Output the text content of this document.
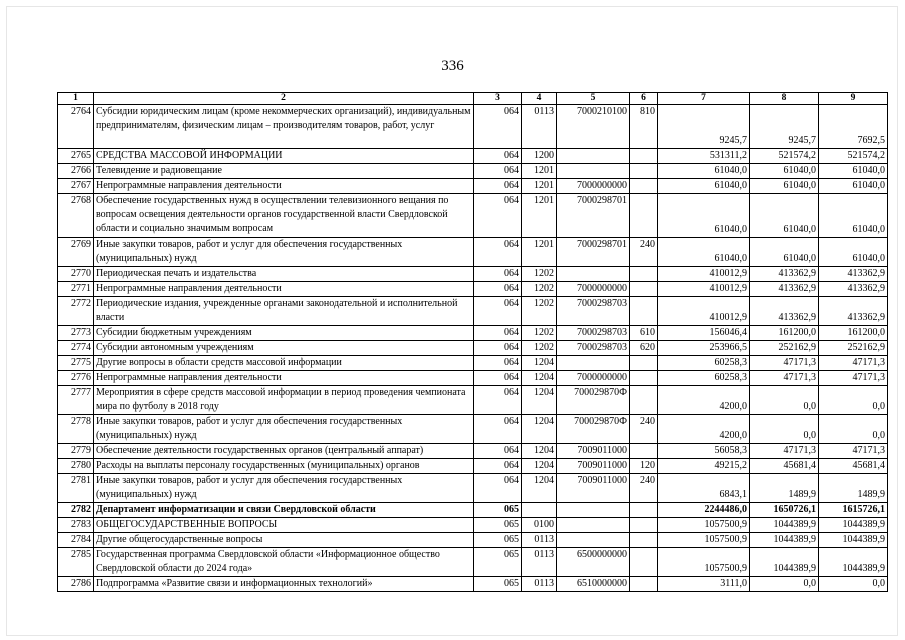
336
1	2	3	4	5	6	7	8	9
2764	Субсидии юридическим лицам (кроме некоммерческих организаций), индивидуальным предпринимателям, физическим лицам – производителям товаров, работ, услуг	064	0113	7000210100	810	9245,7	9245,7	7692,5
2765	СРЕДСТВА МАССОВОЙ ИНФОРМАЦИИ	064	1200			531311,2	521574,2	521574,2
2766	Телевидение и радиовещание	064	1201			61040,0	61040,0	61040,0
2767	Непрограммные направления деятельности	064	1201	7000000000		61040,0	61040,0	61040,0
2768	Обеспечение государственных нужд в осуществлении телевизионного вещания по вопросам освещения деятельности органов государственной власти Свердловской области и социально значимым вопросам	064	1201	7000298701		61040,0	61040,0	61040,0
2769	Иные закупки товаров, работ и услуг для обеспечения государственных (муниципальных) нужд	064	1201	7000298701	240	61040,0	61040,0	61040,0
2770	Периодическая печать и издательства	064	1202			410012,9	413362,9	413362,9
2771	Непрограммные направления деятельности	064	1202	7000000000		410012,9	413362,9	413362,9
2772	Периодические издания, учрежденные органами законодательной и исполнительной власти	064	1202	7000298703		410012,9	413362,9	413362,9
2773	Субсидии бюджетным учреждениям	064	1202	7000298703	610	156046,4	161200,0	161200,0
2774	Субсидии автономным учреждениям	064	1202	7000298703	620	253966,5	252162,9	252162,9
2775	Другие вопросы в области средств массовой информации	064	1204			60258,3	47171,3	47171,3
2776	Непрограммные направления деятельности	064	1204	7000000000		60258,3	47171,3	47171,3
2777	Мероприятия в сфере средств массовой информации в период проведения чемпионата мира по футболу в 2018 году	064	1204	700029870Ф		4200,0	0,0	0,0
2778	Иные закупки товаров, работ и услуг для обеспечения государственных (муниципальных) нужд	064	1204	700029870Ф	240	4200,0	0,0	0,0
2779	Обеспечение деятельности государственных органов (центральный аппарат)	064	1204	7009011000		56058,3	47171,3	47171,3
2780	Расходы на выплаты персоналу государственных (муниципальных) органов	064	1204	7009011000	120	49215,2	45681,4	45681,4
2781	Иные закупки товаров, работ и услуг для обеспечения государственных (муниципальных) нужд	064	1204	7009011000	240	6843,1	1489,9	1489,9
2782	Департамент информатизации и связи Свердловской области	065				2244486,0	1650726,1	1615726,1
2783	ОБЩЕГОСУДАРСТВЕННЫЕ ВОПРОСЫ	065	0100			1057500,9	1044389,9	1044389,9
2784	Другие общегосударственные вопросы	065	0113			1057500,9	1044389,9	1044389,9
2785	Государственная программа Свердловской области «Информационное общество Свердловской области до 2024 года»	065	0113	6500000000		1057500,9	1044389,9	1044389,9
2786	Подпрограмма «Развитие связи и информационных технологий»	065	0113	6510000000		3111,0	0,0	0,0
